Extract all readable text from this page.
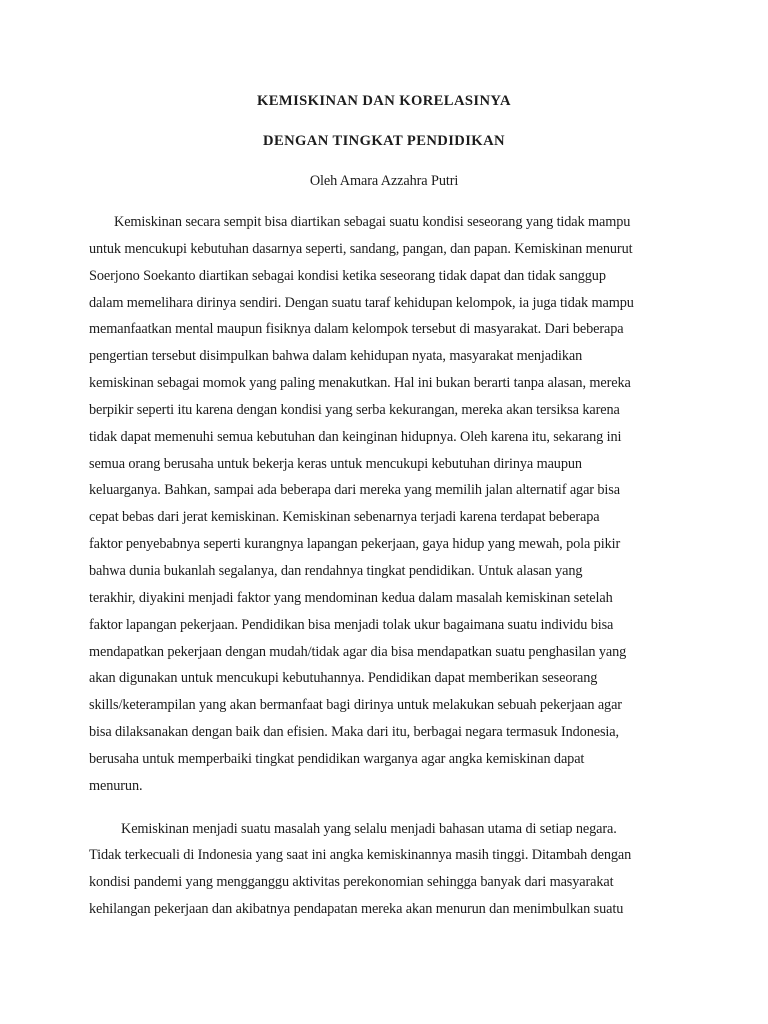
KEMISKINAN DAN KORELASINYA

DENGAN TINGKAT PENDIDIKAN

Oleh Amara Azzahra Putri

Kemiskinan secara sempit bisa diartikan sebagai suatu kondisi seseorang yang tidak mampu
untuk mencukupi kebutuhan dasarnya seperti, sandang, pangan, dan papan. Kemiskinan menurut
Soerjono Soekanto diartikan sebagai kondisi ketika seseorang tidak dapat dan tidak sanggup
dalam memelihara dirinya sendiri. Dengan suatu taraf kehidupan kelompok, ia juga tidak mampu
memanfaatkan mental maupun fisiknya dalam kelompok tersebut di masyarakat. Dari beberapa
pengertian tersebut disimpulkan bahwa dalam kehidupan nyata, masyarakat menjadikan
kemiskinan sebagai momok yang paling menakutkan. Hal ini bukan berarti tanpa alasan, mereka
berpikir seperti itu karena dengan kondisi yang serba kekurangan, mereka akan tersiksa karena
tidak dapat memenuhi semua kebutuhan dan keinginan hidupnya. Oleh karena itu, sekarang ini
semua orang berusaha untuk bekerja keras untuk mencukupi kebutuhan dirinya maupun
keluarganya. Bahkan, sampai ada beberapa dari mereka yang memilih jalan alternatif agar bisa
cepat bebas dari jerat kemiskinan. Kemiskinan sebenarnya terjadi karena terdapat beberapa
faktor penyebabnya seperti kurangnya lapangan pekerjaan, gaya hidup yang mewah, pola pikir
bahwa dunia bukanlah segalanya, dan rendahnya tingkat pendidikan. Untuk alasan yang
terakhir, diyakini menjadi faktor yang mendominan kedua dalam masalah kemiskinan setelah
faktor lapangan pekerjaan. Pendidikan bisa menjadi tolak ukur bagaimana suatu individu bisa
mendapatkan pekerjaan dengan mudah/tidak agar dia bisa mendapatkan suatu penghasilan yang
akan digunakan untuk mencukupi kebutuhannya. Pendidikan dapat memberikan seseorang
skills/keterampilan yang akan bermanfaat bagi dirinya untuk melakukan sebuah pekerjaan agar
bisa dilaksanakan dengan baik dan efisien. Maka dari itu, berbagai negara termasuk Indonesia,
berusaha untuk memperbaiki tingkat pendidikan warganya agar angka kemiskinan dapat
menurun.

Kemiskinan menjadi suatu masalah yang selalu menjadi bahasan utama di setiap negara.
Tidak terkecuali di Indonesia yang saat ini angka kemiskinannya masih tinggi. Ditambah dengan
kondisi pandemi yang mengganggu aktivitas perekonomian sehingga banyak dari masyarakat
kehilangan pekerjaan dan akibatnya pendapatan mereka akan menurun dan menimbulkan suatu
